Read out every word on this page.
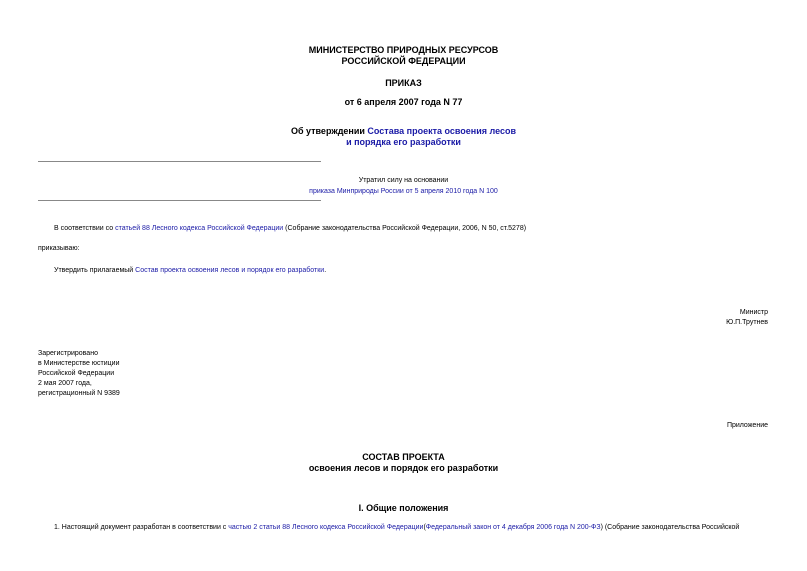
МИНИСТЕРСТВО ПРИРОДНЫХ РЕСУРСОВ
РОССИЙСКОЙ ФЕДЕРАЦИИ
ПРИКАЗ
от 6 апреля 2007 года N 77
Об утверждении Состава проекта освоения лесов
и порядка его разработки
Утратил силу на основании
приказа Минприроды России от 5 апреля 2010 года N 100
В соответствии со статьей 88 Лесного кодекса Российской Федерации (Собрание законодательства Российской Федерации, 2006, N 50, ст.5278)
приказываю:
Утвердить прилагаемый Состав проекта освоения лесов и порядок его разработки.
Министр
Ю.П.Трутнев
Зарегистрировано
в Министерстве юстиции
Российской Федерации
2 мая 2007 года,
регистрационный N 9389
Приложение
СОСТАВ ПРОЕКТА
освоения лесов и порядок его разработки
I. Общие положения
1. Настоящий документ разработан в соответствии с частью 2 статьи 88 Лесного кодекса Российской Федерации(Федеральный закон от 4 декабря 2006 года N 200-ФЗ) (Собрание законодательства Российской
